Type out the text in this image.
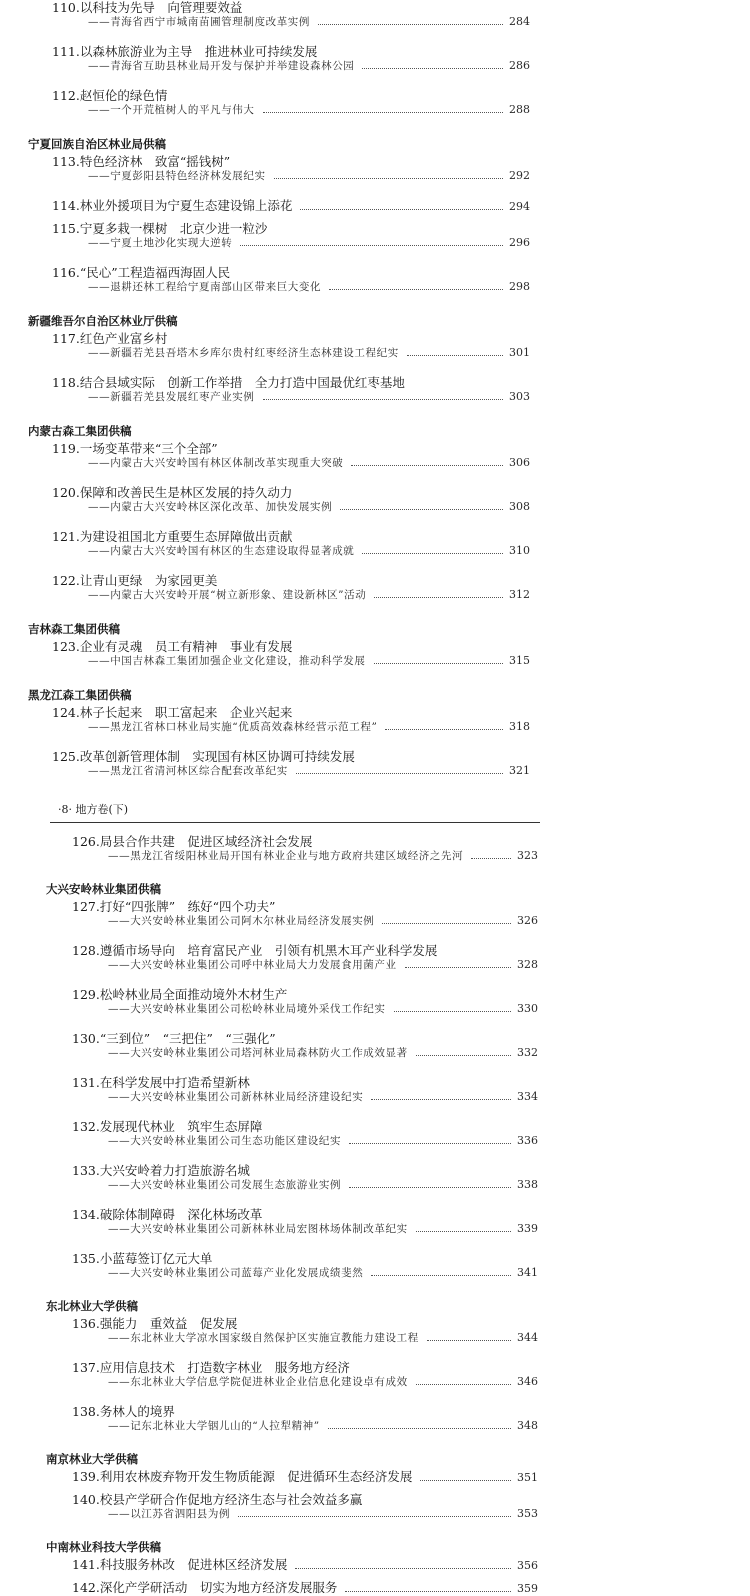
110.以科技为先导　向管理要效益
——青海省西宁市城南苗圃管理制度改革实例	284
111.以森林旅游业为主导　推进林业可持续发展
——青海省互助县林业局开发与保护并举建设森林公园	286
112.赵恒伦的绿色情
——一个开荒植树人的平凡与伟大	288
宁夏回族自治区林业局供稿
113.特色经济林　致富“摇钱树”
——宁夏彭阳县特色经济林发展纪实	292
114.林业外援项目为宁夏生态建设锦上添花	294
115.宁夏多栽一棵树　北京少进一粒沙
——宁夏土地沙化实现大逆转	296
116.“民心”工程造福西海固人民
——退耕还林工程给宁夏南部山区带来巨大变化	298
新疆维吾尔自治区林业厅供稿
117.红色产业富乡村
——新疆若羌县吾塔木乡库尔贵村红枣经济生态林建设工程纪实	301
118.结合县域实际　创新工作举措　全力打造中国最优红枣基地
——新疆若羌县发展红枣产业实例	303
内蒙古森工集团供稿
119.一场变革带来“三个全部”
——内蒙古大兴安岭国有林区体制改革实现重大突破	306
120.保障和改善民生是林区发展的持久动力
——内蒙古大兴安岭林区深化改革、加快发展实例	308
121.为建设祖国北方重要生态屏障做出贡献
——内蒙古大兴安岭国有林区的生态建设取得显著成就	310
122.让青山更绿　为家园更美
——内蒙古大兴安岭开展“树立新形象、建设新林区”活动	312
吉林森工集团供稿
123.企业有灵魂　员工有精神　事业有发展
——中国吉林森工集团加强企业文化建设，推动科学发展	315
黑龙江森工集团供稿
124.林子长起来　职工富起来　企业兴起来
——黑龙江省林口林业局实施“优质高效森林经营示范工程”	318
125.改革创新管理体制　实现国有林区协调可持续发展
——黑龙江省清河林区综合配套改革纪实	321
·8· 地方卷(下)
126.局县合作共建　促进区域经济社会发展
——黑龙江省绥阳林业局开国有林业企业与地方政府共建区域经济之先河	323
大兴安岭林业集团供稿
127.打好“四张牌”　练好“四个功夫”
——大兴安岭林业集团公司阿木尔林业局经济发展实例	326
128.遵循市场导向　培育富民产业　引领有机黑木耳产业科学发展
——大兴安岭林业集团公司呼中林业局大力发展食用菌产业	328
129.松岭林业局全面推动境外木材生产
——大兴安岭林业集团公司松岭林业局境外采伐工作纪实	330
130.“三到位”　“三把住”　“三强化”
——大兴安岭林业集团公司塔河林业局森林防火工作成效显著	332
131.在科学发展中打造希望新林
——大兴安岭林业集团公司新林林业局经济建设纪实	334
132.发展现代林业　筑牢生态屏障
——大兴安岭林业集团公司生态功能区建设纪实	336
133.大兴安岭着力打造旅游名城
——大兴安岭林业集团公司发展生态旅游业实例	338
134.破除体制障碍　深化林场改革
——大兴安岭林业集团公司新林林业局宏图林场体制改革纪实	339
135.小蓝莓签订亿元大单
——大兴安岭林业集团公司蓝莓产业化发展成绩斐然	341
东北林业大学供稿
136.强能力　重效益　促发展
——东北林业大学凉水国家级自然保护区实施宣教能力建设工程	344
137.应用信息技术　打造数字林业　服务地方经济
——东北林业大学信息学院促进林业企业信息化建设卓有成效	346
138.务林人的境界
——记东北林业大学铟儿山的“人拉犁精神”	348
南京林业大学供稿
139.利用农林废弃物开发生物质能源　促进循环生态经济发展	351
140.校县产学研合作促地方经济生态与社会效益多赢
——以江苏省泗阳县为例	353
中南林业科技大学供稿
141.科技服务林改　促进林区经济发展	356
142.深化产学研活动　切实为地方经济发展服务	359
